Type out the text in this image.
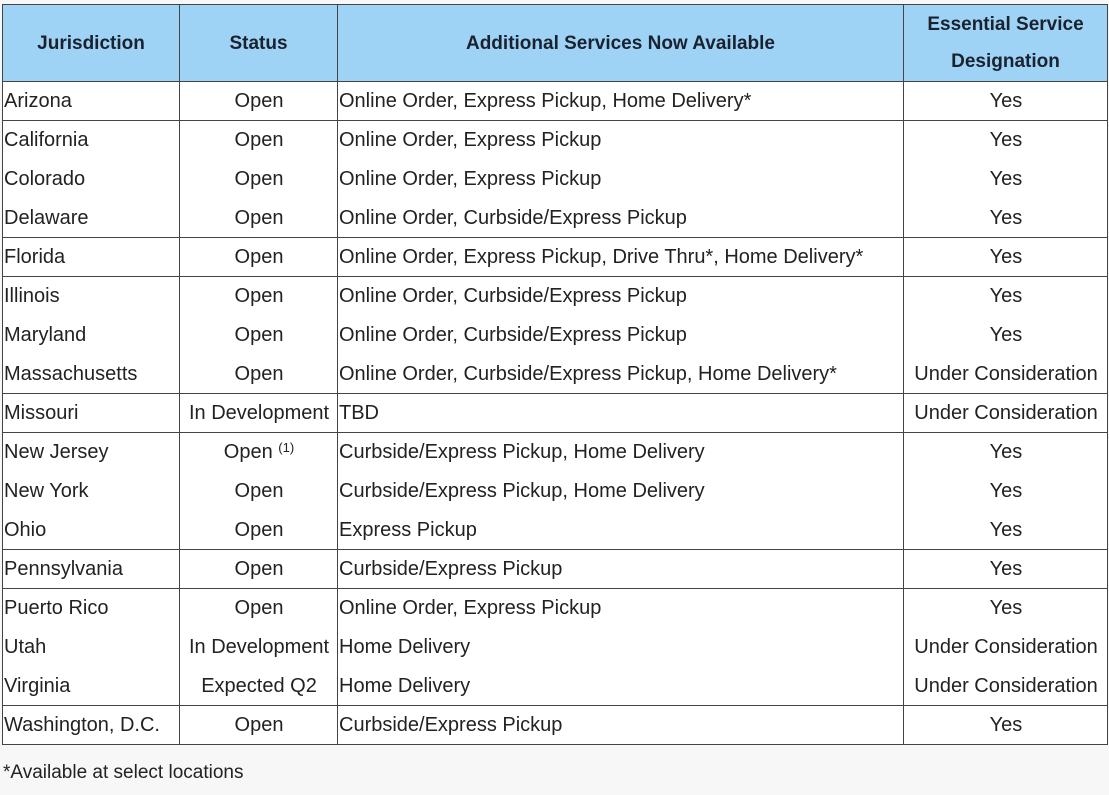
Jurisdiction	Status	Additional Services Now Available	Essential Service
Designation
Arizona	Open	Online Order, Express Pickup, Home Delivery*	Yes
California	Open	Online Order, Express Pickup	Yes
Colorado	Open	Online Order, Express Pickup	Yes
Delaware	Open	Online Order, Curbside/Express Pickup	Yes
Florida	Open	Online Order, Express Pickup, Drive Thru*, Home Delivery*	Yes
Illinois	Open	Online Order, Curbside/Express Pickup	Yes
Maryland	Open	Online Order, Curbside/Express Pickup	Yes
Massachusetts	Open	Online Order, Curbside/Express Pickup, Home Delivery*	Under Consideration
Missouri	In Development	TBD	Under Consideration
New Jersey	Open $^{(1)}$	Curbside/Express Pickup, Home Delivery	Yes
New York	Open	Curbside/Express Pickup, Home Delivery	Yes
Ohio	Open	Express Pickup	Yes
Pennsylvania	Open	Curbside/Express Pickup	Yes
Puerto Rico	Open	Online Order, Express Pickup	Yes
Utah	In Development	Home Delivery	Under Consideration
Virginia	Expected Q2	Home Delivery	Under Consideration
Washington, D.C.	Open	Curbside/Express Pickup	Yes
*Available at select locations
